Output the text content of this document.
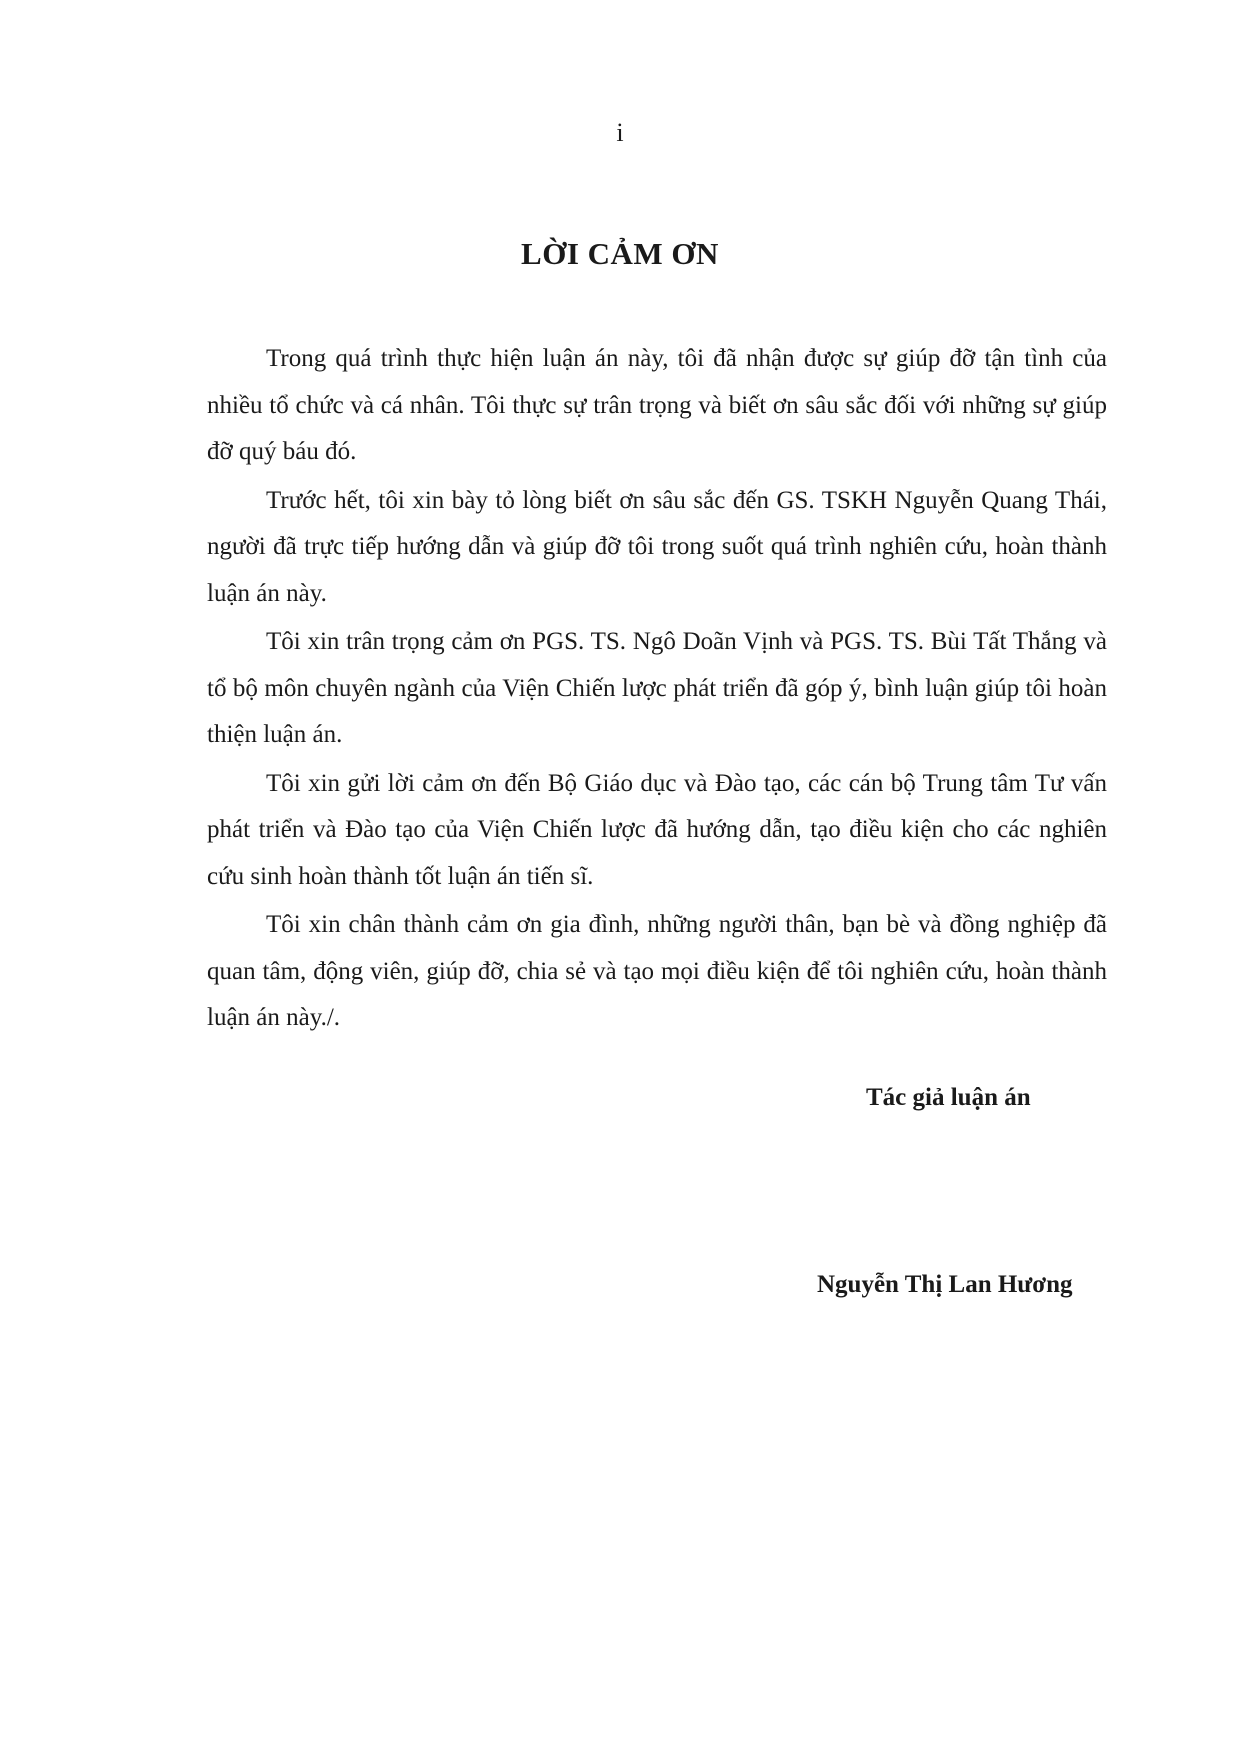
i
LỜI CẢM ƠN

Trong quá trình thực hiện luận án này, tôi đã nhận được sự giúp đỡ tận tình của nhiều tổ chức và cá nhân. Tôi thực sự trân trọng và biết ơn sâu sắc đối với những sự giúp đỡ quý báu đó.

Trước hết, tôi xin bày tỏ lòng biết ơn sâu sắc đến GS. TSKH Nguyễn Quang Thái, người đã trực tiếp hướng dẫn và giúp đỡ tôi trong suốt quá trình nghiên cứu, hoàn thành luận án này.

Tôi xin trân trọng cảm ơn PGS. TS. Ngô Doãn Vịnh và PGS. TS. Bùi Tất Thắng và tổ bộ môn chuyên ngành của Viện Chiến lược phát triển đã góp ý, bình luận giúp tôi hoàn thiện luận án.

Tôi xin gửi lời cảm ơn đến Bộ Giáo dục và Đào tạo, các cán bộ Trung tâm Tư vấn phát triển và Đào tạo của Viện Chiến lược đã hướng dẫn, tạo điều kiện cho các nghiên cứu sinh hoàn thành tốt luận án tiến sĩ.

Tôi xin chân thành cảm ơn gia đình, những người thân, bạn bè và đồng nghiệp đã quan tâm, động viên, giúp đỡ, chia sẻ và tạo mọi điều kiện để tôi nghiên cứu, hoàn thành luận án này./.

Tác giả luận án
Nguyễn Thị Lan Hương
